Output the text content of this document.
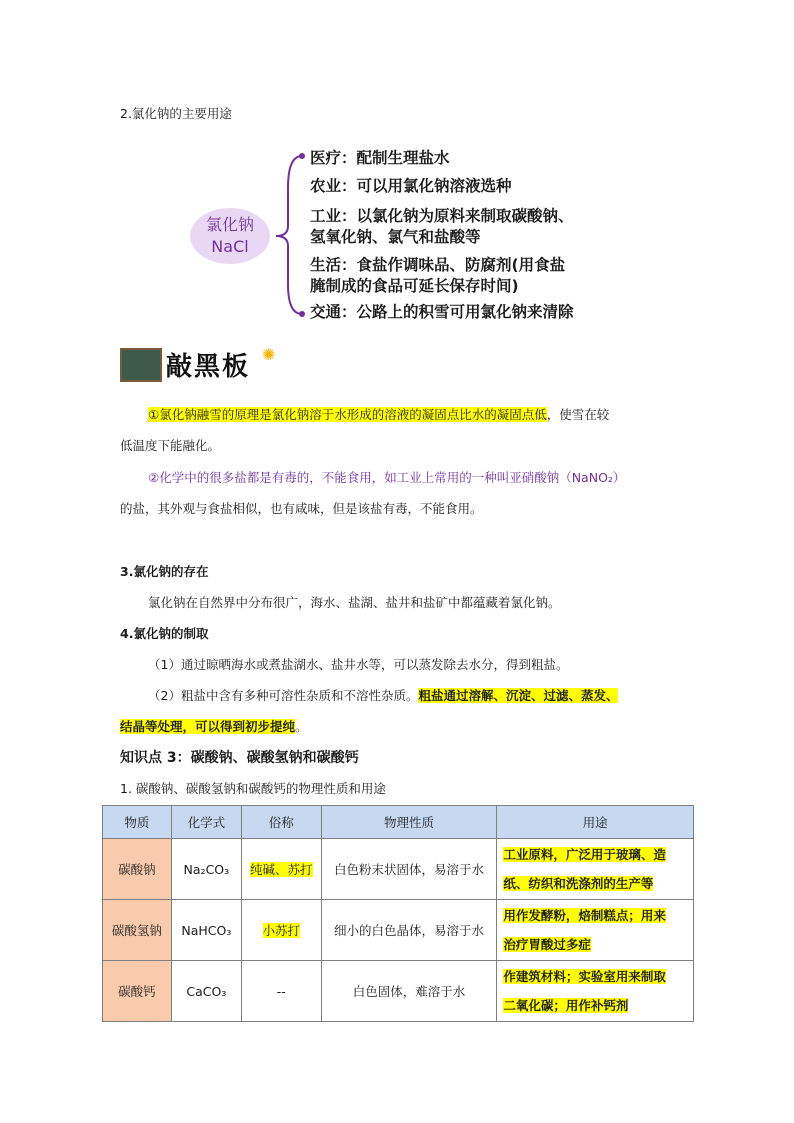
2.氯化钠的主要用途
氯化钠
NaCl
医疗：配制生理盐水
农业：可以用氯化钠溶液选种
工业：以氯化钠为原料来制取碳酸钠、
氢氧化钠、氯气和盐酸等
生活：食盐作调味品、防腐剂(用食盐
腌制成的食品可延长保存时间)
交通：公路上的积雪可用氯化钠来清除
敲黑板 ✺
①氯化钠融雪的原理是氯化钠溶于水形成的溶液的凝固点比水的凝固点低，使雪在较
低温度下能融化。
②化学中的很多盐都是有毒的，不能食用，如工业上常用的一种叫亚硝酸钠（NaNO₂）
的盐，其外观与食盐相似，也有咸味，但是该盐有毒，不能食用。
3.氯化钠的存在
氯化钠在自然界中分布很广，海水、盐湖、盐井和盐矿中都蕴藏着氯化钠。
4.氯化钠的制取
（1）通过晾晒海水或煮盐湖水、盐井水等，可以蒸发除去水分，得到粗盐。
（2）粗盐中含有多种可溶性杂质和不溶性杂质。粗盐通过溶解、沉淀、过滤、蒸发、
结晶等处理，可以得到初步提纯。
知识点 3：碳酸钠、碳酸氢钠和碳酸钙
1. 碳酸钠、碳酸氢钠和碳酸钙的物理性质和用途
物质	化学式	俗称	物理性质	用途
碳酸钠	Na₂CO₃	纯碱、苏打	白色粉末状固体，易溶于水	工业原料，广泛用于玻璃、造
纸、纺织和洗涤剂的生产等
碳酸氢钠	NaHCO₃	小苏打	细小的白色晶体，易溶于水	用作发酵粉，焙制糕点；用来
治疗胃酸过多症
碳酸钙	CaCO₃	--	白色固体，难溶于水	作建筑材料；实验室用来制取
二氧化碳；用作补钙剂
